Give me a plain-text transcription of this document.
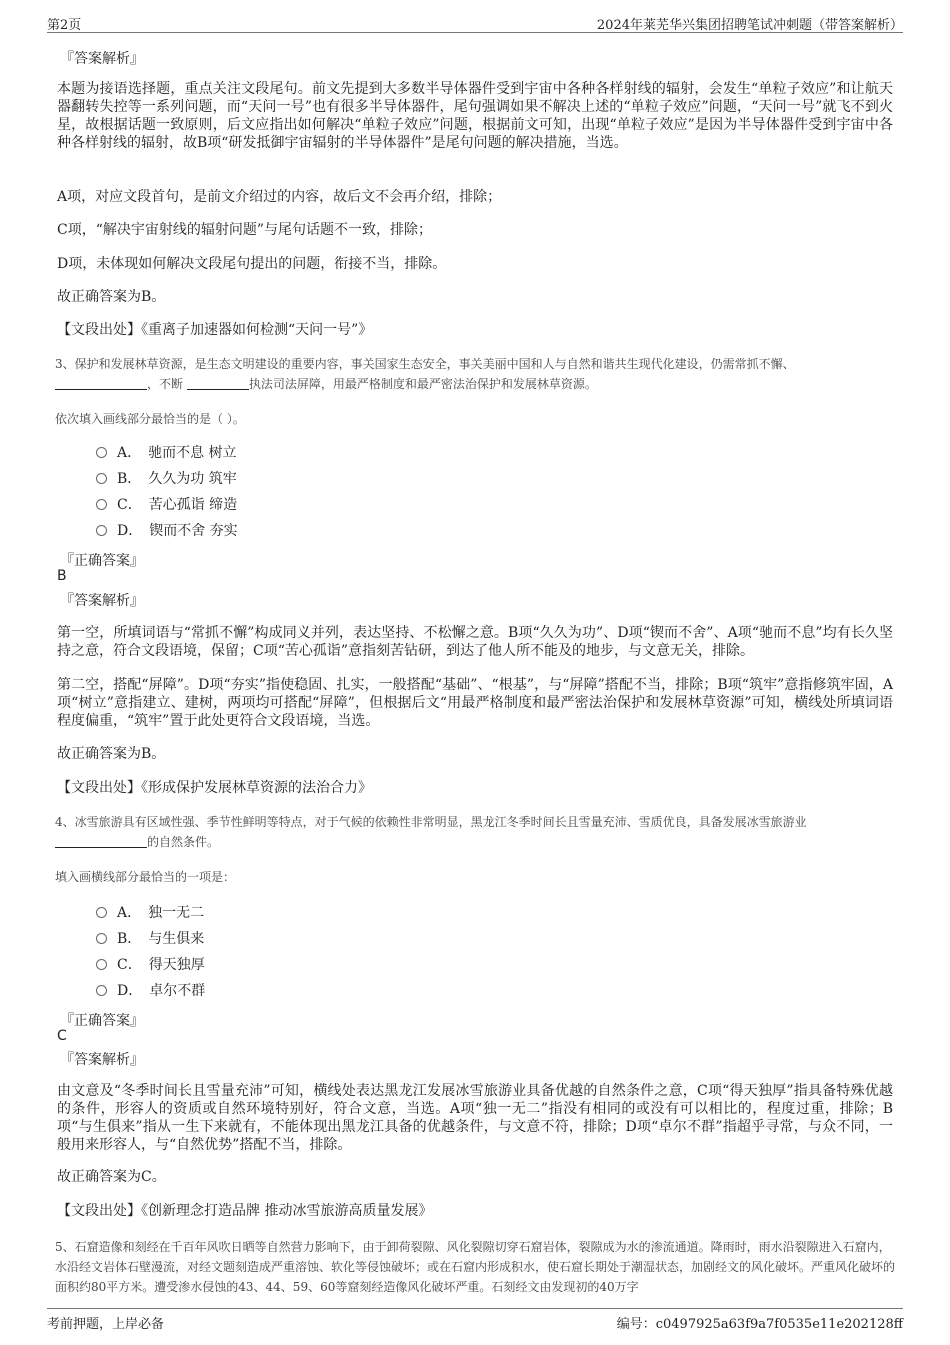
第2页	2024年莱芜华兴集团招聘笔试冲刺题（带答案解析）
『答案解析』

本题为接语选择题，重点关注文段尾句。前文先提到大多数半导体器件受到宇宙中各种各样射线的辐射，会发生“单粒子效应”和让航天器翻转失控等一系列问题，而“天问一号”也有很多半导体器件，尾句强调如果不解决上述的“单粒子效应”问题，“天问一号”就飞不到火星，故根据话题一致原则，后文应指出如何解决“单粒子效应”问题，根据前文可知，出现“单粒子效应”是因为半导体器件受到宇宙中各种各样射线的辐射，故B项“研发抵御宇宙辐射的半导体器件”是尾句问题的解决措施，当选。

A项，对应文段首句，是前文介绍过的内容，故后文不会再介绍，排除；

C项，“解决宇宙射线的辐射问题”与尾句话题不一致，排除；

D项，未体现如何解决文段尾句提出的问题，衔接不当，排除。

故正确答案为B。

【文段出处】《重离子加速器如何检测“天问一号”》

3、保护和发展林草资源，是生态文明建设的重要内容，事关国家生态安全，事关美丽中国和人与自然和谐共生现代化建设，仍需常抓不懈、
，不断	执法司法屏障，用最严格制度和最严密法治保护和发展林草资源。
依次填入画线部分最恰当的是（ ）。
A．　驰而不息 树立
B．　久久为功 筑牢
C．　苦心孤诣 缔造
D．　锲而不舍 夯实
『正确答案』
B
『答案解析』

第一空，所填词语与“常抓不懈”构成同义并列，表达坚持、不松懈之意。B项“久久为功”、D项“锲而不舍”、A项“驰而不息”均有长久坚持之意，符合文段语境，保留；C项“苦心孤诣”意指刻苦钻研，到达了他人所不能及的地步，与文意无关，排除。

第二空，搭配“屏障”。D项“夯实”指使稳固、扎实，一般搭配“基础”、“根基”，与“屏障”搭配不当，排除；B项“筑牢”意指修筑牢固，A项“树立”意指建立、建树，两项均可搭配“屏障”，但根据后文“用最严格制度和最严密法治保护和发展林草资源”可知，横线处所填词语程度偏重，“筑牢”置于此处更符合文段语境，当选。

故正确答案为B。

【文段出处】《形成保护发展林草资源的法治合力》

4、冰雪旅游具有区域性强、季节性鲜明等特点，对于气候的依赖性非常明显，黑龙江冬季时间长且雪量充沛、雪质优良，具备发展冰雪旅游业
的自然条件。
填入画横线部分最恰当的一项是：
A．　独一无二
B．　与生俱来
C．　得天独厚
D．　卓尔不群
『正确答案』
C
『答案解析』

由文意及“冬季时间长且雪量充沛”可知，横线处表达黑龙江发展冰雪旅游业具备优越的自然条件之意，C项“得天独厚”指具备特殊优越的条件，形容人的资质或自然环境特别好，符合文意，当选。A项“独一无二”指没有相同的或没有可以相比的，程度过重，排除；B项“与生俱来”指从一生下来就有，不能体现出黑龙江具备的优越条件，与文意不符，排除；D项“卓尔不群”指超乎寻常，与众不同，一般用来形容人，与“自然优势”搭配不当，排除。

故正确答案为C。

【文段出处】《创新理念打造品牌 推动冰雪旅游高质量发展》

5、石窟造像和刻经在千百年风吹日晒等自然营力影响下，由于卸荷裂隙、风化裂隙切穿石窟岩体，裂隙成为水的渗流通道。降雨时，雨水沿裂隙进入石窟内，水沿经文岩体石壁漫流，对经文题刻造成严重溶蚀、软化等侵蚀破坏；或在石窟内形成积水，使石窟长期处于潮湿状态，加剧经文的风化破坏。严重风化破坏的面积约80平方米。遭受渗水侵蚀的43、44、59、60等窟刻经造像风化破坏严重。石刻经文由发现初的40万字

考前押题，上岸必备	编号：c0497925a63f9a7f0535e11e202128ff
